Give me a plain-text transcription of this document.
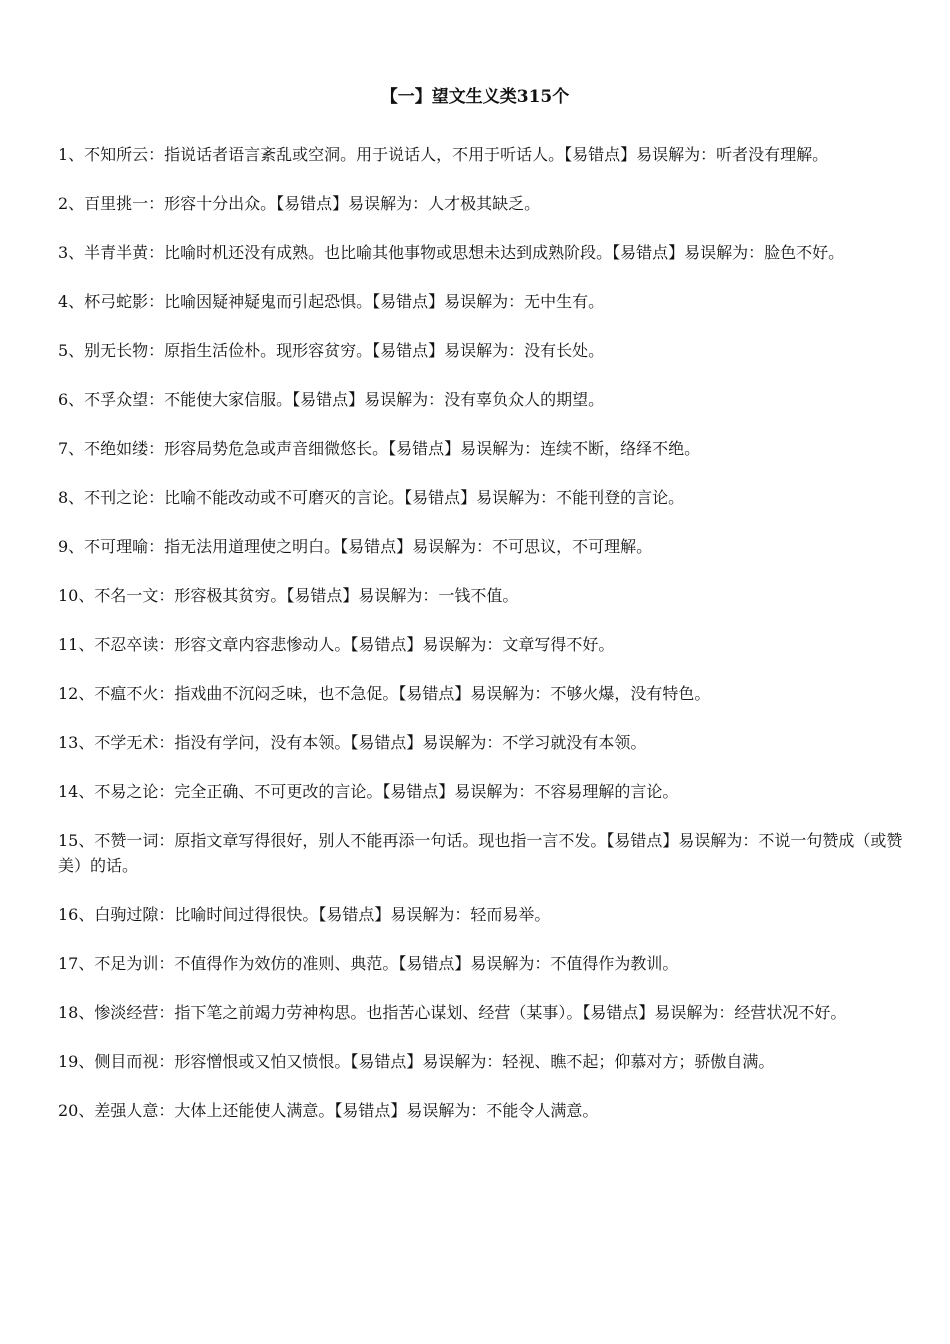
【一】望文生义类315个
1、不知所云：指说话者语言紊乱或空洞。用于说话人，不用于听话人。【易错点】易误解为：听者没有理解。
2、百里挑一：形容十分出众。【易错点】易误解为：人才极其缺乏。
3、半青半黄：比喻时机还没有成熟。也比喻其他事物或思想未达到成熟阶段。【易错点】易误解为：脸色不好。
4、杯弓蛇影：比喻因疑神疑鬼而引起恐惧。【易错点】易误解为：无中生有。
5、别无长物：原指生活俭朴。现形容贫穷。【易错点】易误解为：没有长处。
6、不孚众望：不能使大家信服。【易错点】易误解为：没有辜负众人的期望。
7、不绝如缕：形容局势危急或声音细微悠长。【易错点】易误解为：连续不断，络绎不绝。
8、不刊之论：比喻不能改动或不可磨灭的言论。【易错点】易误解为：不能刊登的言论。
9、不可理喻：指无法用道理使之明白。【易错点】易误解为：不可思议，不可理解。
10、不名一文：形容极其贫穷。【易错点】易误解为：一钱不值。
11、不忍卒读：形容文章内容悲惨动人。【易错点】易误解为：文章写得不好。
12、不瘟不火：指戏曲不沉闷乏味，也不急促。【易错点】易误解为：不够火爆，没有特色。
13、不学无术：指没有学问，没有本领。【易错点】易误解为：不学习就没有本领。
14、不易之论：完全正确、不可更改的言论。【易错点】易误解为：不容易理解的言论。
15、不赞一词：原指文章写得很好，别人不能再添一句话。现也指一言不发。【易错点】易误解为：不说一句赞成（或赞美）的话。
16、白驹过隙：比喻时间过得很快。【易错点】易误解为：轻而易举。
17、不足为训：不值得作为效仿的准则、典范。【易错点】易误解为：不值得作为教训。
18、惨淡经营：指下笔之前竭力劳神构思。也指苦心谋划、经营（某事）。【易错点】易误解为：经营状况不好。
19、侧目而视：形容憎恨或又怕又愤恨。【易错点】易误解为：轻视、瞧不起；仰慕对方；骄傲自满。
20、差强人意：大体上还能使人满意。【易错点】易误解为：不能令人满意。
